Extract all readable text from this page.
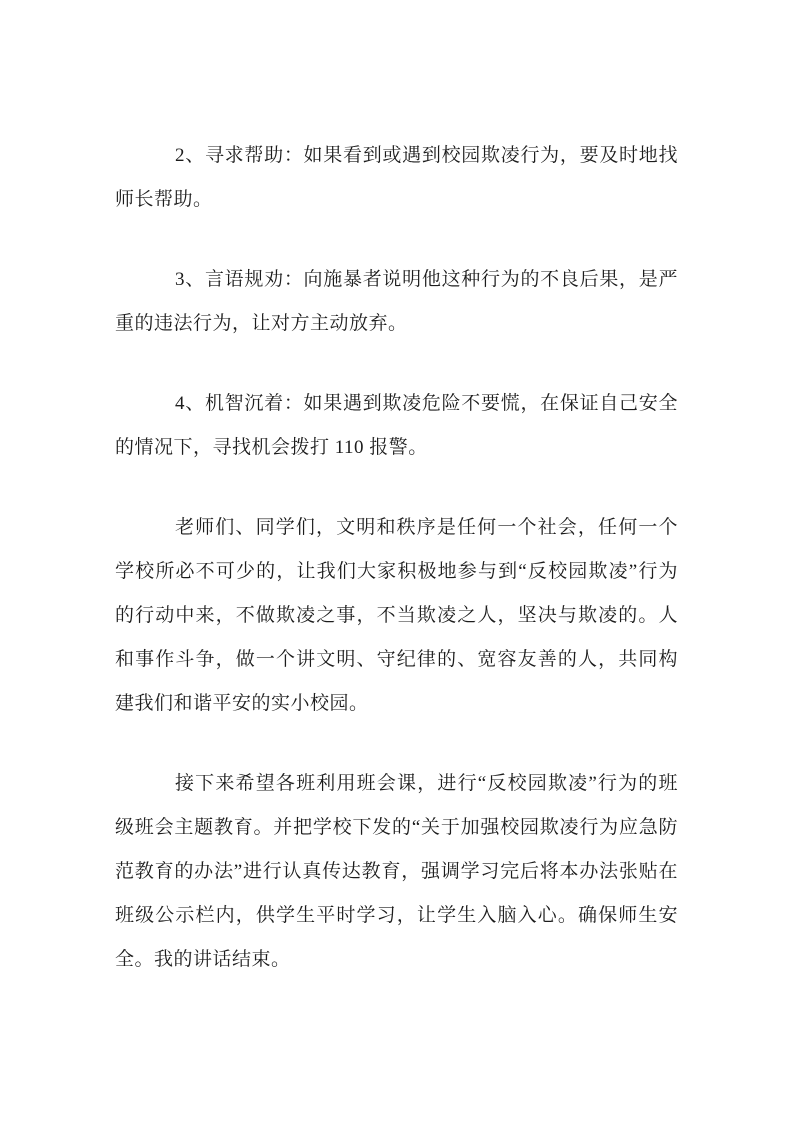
2、寻求帮助：如果看到或遇到校园欺凌行为，要及时地找师长帮助。

3、言语规劝：向施暴者说明他这种行为的不良后果，是严重的违法行为，让对方主动放弃。

4、机智沉着：如果遇到欺凌危险不要慌，在保证自己安全的情况下，寻找机会拨打 110 报警。

老师们、同学们，文明和秩序是任何一个社会，任何一个学校所必不可少的，让我们大家积极地参与到“反校园欺凌”行为的行动中来，不做欺凌之事，不当欺凌之人，坚决与欺凌的。人和事作斗争，做一个讲文明、守纪律的、宽容友善的人，共同构建我们和谐平安的实小校园。

接下来希望各班利用班会课，进行“反校园欺凌”行为的班级班会主题教育。并把学校下发的“关于加强校园欺凌行为应急防范教育的办法”进行认真传达教育，强调学习完后将本办法张贴在班级公示栏内，供学生平时学习，让学生入脑入心。确保师生安全。我的讲话结束。
